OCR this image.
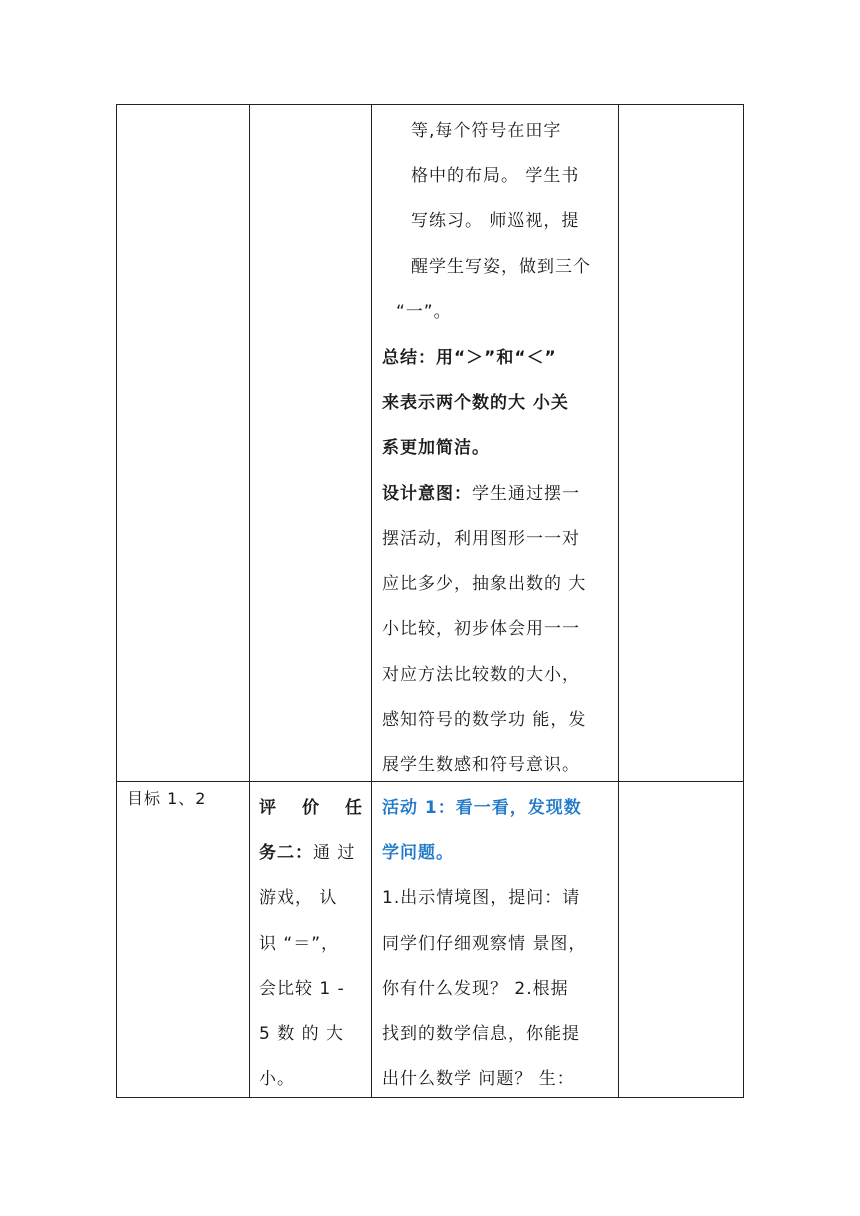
等,每个符号在田字
格中的布局。 学生书
写练习。 师巡视，提
醒学生写姿，做到三个
“一”。
总结：用“＞”和“＜”
来表示两个数的大 小关
系更加简洁。
设计意图：学生通过摆一
摆活动，利用图形一一对
应比多少，抽象出数的 大
小比较，初步体会用一一
对应方法比较数的大小，
感知符号的数学功 能，发
展学生数感和符号意识。
目标 1、2	评 价 任
务二：通 过
游戏， 认
识 “＝”，
会比较 1 -
5 数 的 大
小。
活动 1：看一看，发现数
学问题。
1.出示情境图，提问：请
同学们仔细观察情 景图，
你有什么发现？ 2.根据
找到的数学信息，你能提
出什么数学 问题？ 生：
